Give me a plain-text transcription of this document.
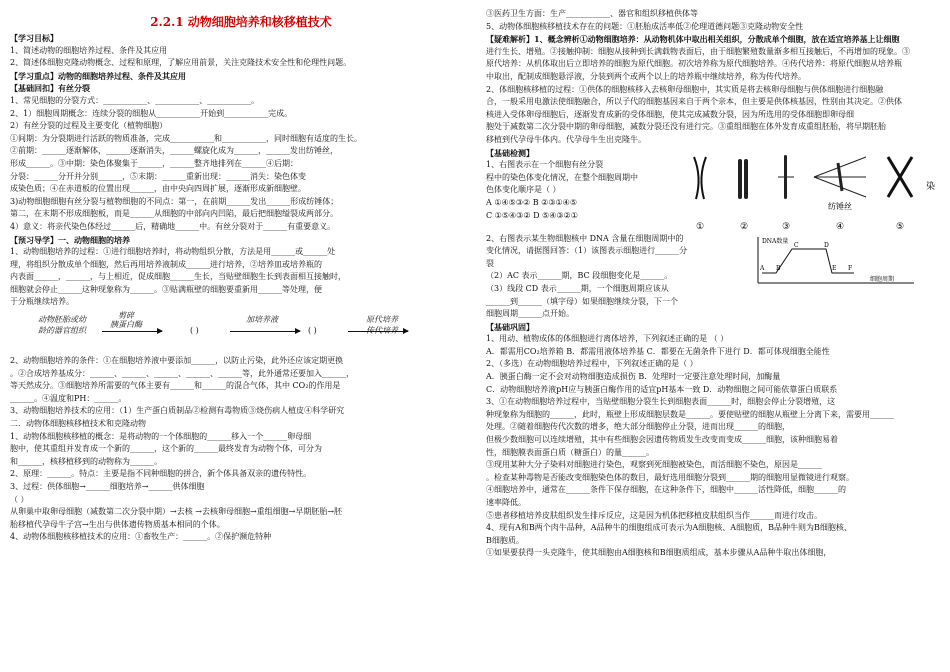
2.2.1 动物细胞培养和核移植技术
【学习目标】
1、简述动物的细胞培养过程、条件及其应用
2、简述体细胞克隆动物概念、过程和原理，了解应用前景，关注克隆技术安全性和伦理性问题。
【学习重点】动物的细胞培养过程、条件及其应用
【基础回扣】有丝分裂
1、常见细胞的分裂方式：___________、___________、___________。
2、1）细胞周期概念：连续分裂的细胞从___________开始到___________完成。
2）有丝分裂的过程及主要变化（植物细胞）
①间期：为分裂期进行活跃的物质准备，完成___________和___________，同时细胞有适度的生长。
②前期：______逐渐解体，______逐渐消失，______螺旋化成为______，______发出纺锤丝，
形成______。③中期：染色体聚集于______，______整齐地排列在______④后期：
分裂：______分开并分别______，⑤末期：______重新出现：______消失：染色体变
成染色质；④在赤道板的位置出现______，由中央向四周扩展，逐渐形成新细胞壁。
3)动物细胞细胞有丝分裂与植物细胞的不同点：第一，在前期______发出______形成纺锤体；
第二，在末期不形成细胞板，而是______从细胞的中部向内凹陷，最后把细胞缢裂成两部分。
4）意义：将亲代染色体经过______后，精确地______中。有丝分裂对于______有重要意义。
【预习导学】一、动物细胞的培养
1、动物细胞培养的过程：①进行细胞培养时，将动物组织分散，方法是用______或______处
理，将组织分散成单个细胞，然后再用培养液制成______进行培养，②培养皿或培养瓶的
内表面______，______，与上相近，促成细胞______生长，当贴壁细胞生长到表面相互接触时，
细胞就会停止______这种现象称为______。③贴满瓶壁的细胞要重新用______等处理，便
于分瓶继续培养。
动物胚胎或幼
龄的器官组织
剪碎
胰蛋白酶
( )
加培养液
( )
原代培养
2、动物细胞培养的条件：①在细胞培养液中要添加______，以防止污染，此外还应该定期更换
。②合成培养基成分：______、______、______、______、______等，此外通常还要加入______，
等天然成分。③细胞培养所需要的气体主要有______和______的混合气体，其中 CO₂的作用是
______。④温度和PH：______。
3、动物细胞培养技术的应用：（1）生产蛋白质制品②检测有毒物质③烧伤病人植皮④科学研究
二．动物体细胞核移植技术和克隆动物
1、动物体细胞核移植的概念：是将动物的一个体细胞的______移入一个______卵母细
胞中，使其重组并发育成一个新的______，这个新的______最终发育为动物个体，可分为
和______，核移植移到的动物称为______。
2、原理：______。特点：主要是指不同种细胞的拼合，新个体具备双亲的遗传特性。
3、过程：供体细胞→______细胞培养→______供体细胞
（ ）
从卵巢中取卵母细胞（减数第二次分裂中期）→去核 →去核卵母细胞→重组细胞→早期胚胎→胚
胎移植代孕母牛子宫→生出与供体遗传物质基本相同的个体。
4、动物体细胞核移植技术的应用：①畜牧生产：______。②保护濒危特种
③医药卫生方面：生产___________、器官和组织移植供体等
5、动物体细胞核移植技术存在的问题：①胚胎成活率低②伦理道德问题③克隆动物安全性
【疑难解析】1、概念辨析①动物细胞培养：从动物机体中取出相关组织，分散成单个细胞，放在适宜培养基上让细胞
进行生长、增殖。②接触抑制：细胞从接种到长满载物表面后，由于细胞繁殖数量渐多相互接触后，不再增加的现象。③
原代培养：从机体取出后立即培养的细胞为原代细胞。初次培养称为原代细胞培养。④传代培养：将原代细胞从培养瓶
中取出，配制成细胞悬浮液，分装到两个或两个以上的培养瓶中继续培养，称为传代培养。
2、体细胞核移植的过程：①供体的细胞核移入去核卵母细胞中，其实质是将去核卵母细胞与供体细胞进行细胞融
合，一般采用电激法使细胞融合，所以子代的细胞基因来自于两个亲本，但主要是供体核基因，性别由其决定。②供体
核进入受体卵母细胞后，逐渐发育成新的受体细胞，使其完成减数分裂，因为所选用的受体细胞即卵母细
胞处于减数第二次分裂中期的卵母细胞，减数分裂还没有进行完。③重组细胞在体外发育成重组胚胎，将早期胚胎
移植到代孕母牛体内。代孕母牛生出克隆牛。
【基础检测】
1、右图表示在一个细胞有丝分裂
程中的染色体变化情况，在整个细胞周期中
色体变化顺序是（ ）
A ①④⑤③② B ②③①④⑤
C ①⑤④③② D ⑤④③②①
纺锤丝
①	②	③	④	⑤
染
DNA数量
细胞周期
A B
C	D
E F
2、右图表示某生物细胞核中 DNA 含量在细胞周期中的
变化情况，请据图回答：（1）该图表示细胞进行______分
裂
（2）AC 表示______期，BC 段细胞变化是______。
（3）线段 CD 表示______期，一个细胞周期应该从
______到______（填字母）如果细胞继续分裂，下一个
细胞周期______点开始。
【基础巩固】
1、用动、植物成体的体细胞进行离体培养，下列叙述正确的是 （ ）
A．都需用CO₂培养箱 B．都需用液体培养基 C．都要在无菌条件下进行 D．都可体现细胞全能性
2、（多选）在动物细胞培养过程中，下列叙述正确的是（ ）
A．胰蛋白酶一定不会对动物细胞造成损伤 B．处理时一定要注意处理时间，加酶量
C．动物细胞培养液pH应与胰蛋白酶作用的适宜pH基本一致 D．动物细胞之间可能依靠蛋白质联系
3、①在动物细胞培养过程中，当贴壁细胞分裂生长到细胞表面______时，细胞会停止分裂增殖，这
种现象称为细胞的______，此时，瓶壁上形成细胞层数是______。要使贴壁的细胞从瓶壁上分离下来，需要用______
处理。②随着细胞传代次数的增多，绝大部分细胞停止分裂，进而出现______的细胞，
但极少数细胞可以连续增殖，其中有些细胞会因遗传物质发生改变而变成______细胞，该种细胞易着
性，细胞膜表面蛋白质（糖蛋白）的量______。
③现用某种大分子染料对细胞进行染色，观察到死细胞被染色，而活细胞不染色，原因是______
。检查某种毒物是否能改变细胞染色体的数目，最好选用细胞分裂到______期的细胞用显微镜进行观察。
④细胞培养中，通常在______条件下保存细胞，在这种条件下，细胞中______活性降低，细胞______的
速率降低。
⑤患者移植培养皮肤组织发生排斥反应，这是因为机体把移植皮肤组织当作______而进行攻击。
4、现有A和B两个肉牛品种，A品种牛的细胞组成可表示为A细胞核、A细胞质，B品种牛则为B细胞核、
B细胞质。
①如果要获得一头克隆牛，使其细胞由A细胞核和B细胞质组成，基本步骤从A品种牛取出体细胞，
